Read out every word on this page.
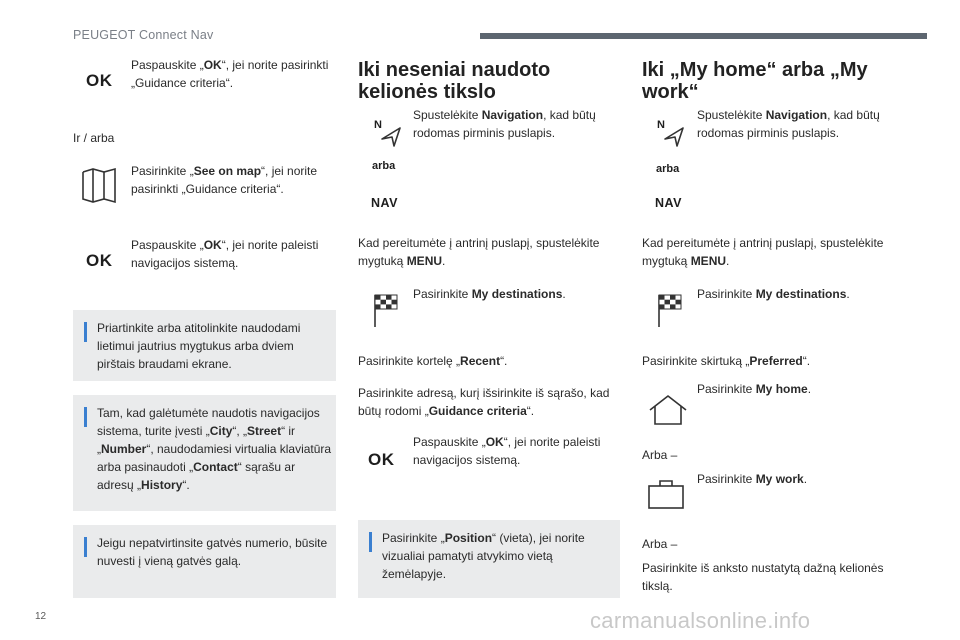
PEUGEOT Connect Nav
OK
Paspauskite „OK“, jei norite pasirinkti „Guidance criteria“.
Ir / arba
Pasirinkite „See on map“, jei norite pasirinkti „Guidance criteria“.
OK
Paspauskite „OK“, jei norite paleisti navigacijos sistemą.
Priartinkite arba atitolinkite naudodami lietimui jautrius mygtukus arba dviem pirštais braudami ekrane.
Tam, kad galėtumėte naudotis navigacijos sistema, turite įvesti „City“, „Street“ ir „Number“, naudodamiesi virtualia klaviatūra arba pasinaudoti „Contact“ sąrašu ar adresų „History“.
Jeigu nepatvirtinsite gatvės numerio, būsite nuvesti į vieną gatvės galą.
Iki neseniai naudoto
kelionės tikslo
N
Spustelėkite Navigation, kad būtų rodomas pirminis puslapis.
arba
NAV
Kad pereitumėte į antrinį puslapį, spustelėkite mygtuką MENU.
Pasirinkite My destinations.
Pasirinkite kortelę „Recent“.
Pasirinkite adresą, kurį išsirinkite iš sąrašo, kad būtų rodomi „Guidance criteria“.
OK
Paspauskite „OK“, jei norite paleisti navigacijos sistemą.
Pasirinkite „Position“ (vieta), jei norite vizualiai pamatyti atvykimo vietą žemėlapyje.
Iki „My home“ arba „My
work“
N
Spustelėkite Navigation, kad būtų rodomas pirminis puslapis.
arba
NAV
Kad pereitumėte į antrinį puslapį, spustelėkite mygtuką MENU.
Pasirinkite My destinations.
Pasirinkite skirtuką „Preferred“.
Pasirinkite My home.
Arba –
Pasirinkite My work.
Arba –
Pasirinkite iš anksto nustatytą dažną kelionės tikslą.
12	carmanualsonline.info
